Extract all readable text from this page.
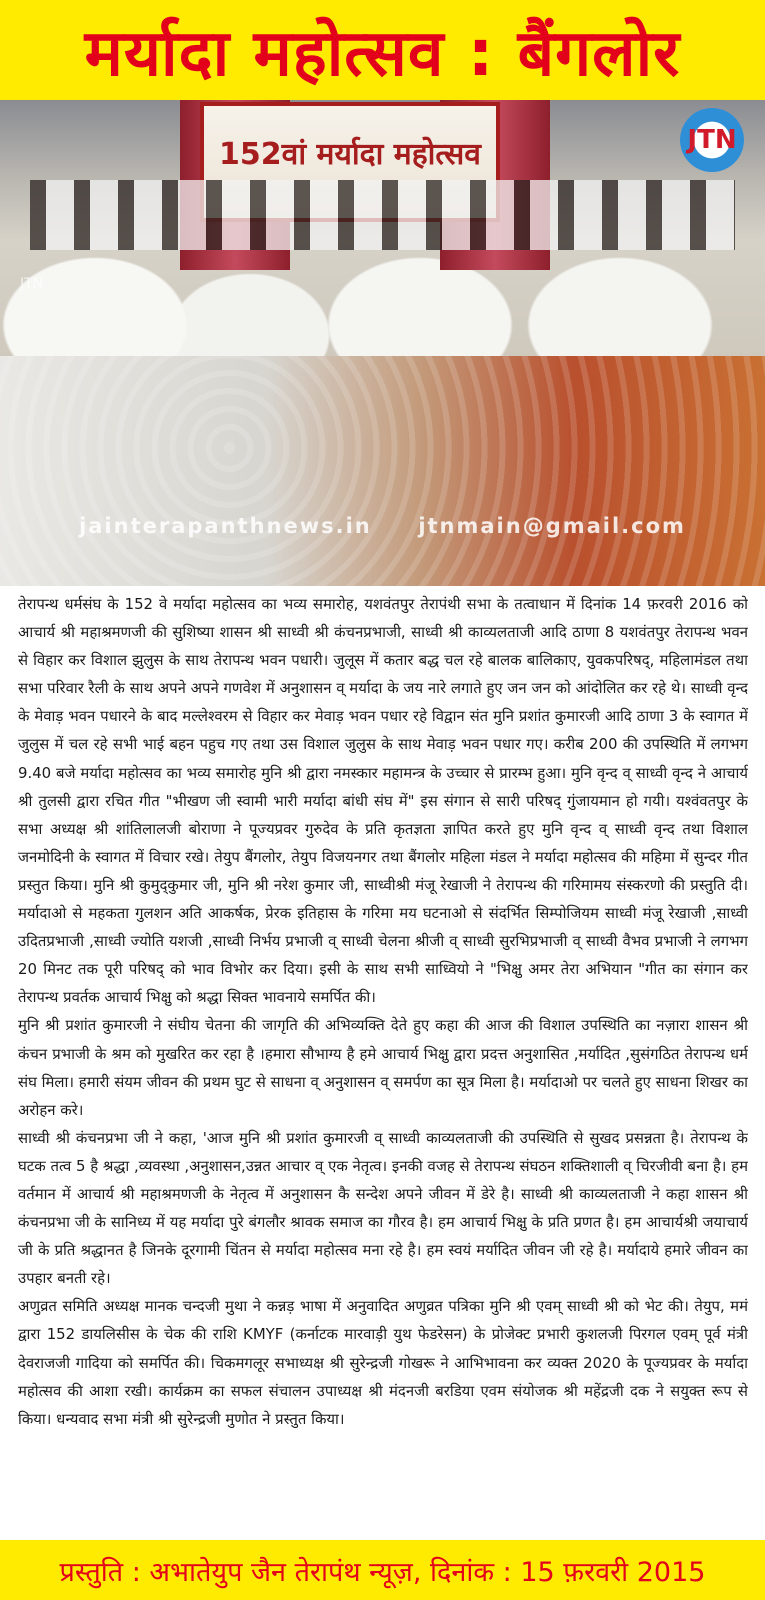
मर्यादा महोत्सव : बैंगलोर
152वां मर्यादा महोत्सव	JTN
JTN
jainterapanthnews.in jtnmain@gmail.com

तेरापन्थ धर्मसंघ के 152 वे मर्यादा महोत्सव का भव्य समारोह, यशवंतपुर तेरापंथी सभा के तत्वाधान में दिनांक 14 फ़रवरी 2016 को आचार्य श्री महाश्रमणजी की सुशिष्या शासन श्री साध्वी श्री कंचनप्रभाजी, साध्वी श्री काव्यलताजी आदि ठाणा 8 यशवंतपुर तेरापन्थ भवन से विहार कर विशाल झुलुस के साथ तेरापन्थ भवन पधारी। जुलूस में कतार बद्ध चल रहे बालक बालिकाए, युवकपरिषद्, महिलामंडल तथा सभा परिवार रैली के साथ अपने अपने गणवेश में अनुशासन व् मर्यादा के जय नारे लगाते हुए जन जन को आंदोलित कर रहे थे। साध्वी वृन्द के मेवाड़ भवन पधारने के बाद मल्लेश्वरम से विहार कर मेवाड़ भवन पधार रहे विद्वान संत मुनि प्रशांत कुमारजी आदि ठाणा 3 के स्वागत में जुलुस में चल रहे सभी भाई बहन पहुच गए तथा उस विशाल जुलुस के साथ मेवाड़ भवन पधार गए। करीब 200 की उपस्थिति में लगभग 9.40 बजे मर्यादा महोत्सव का भव्य समारोह मुनि श्री द्वारा नमस्कार महामन्त्र के उच्चार से प्रारम्भ हुआ। मुनि वृन्द व् साध्वी वृन्द ने आचार्य श्री तुलसी द्वारा रचित गीत "भीखण जी स्वामी भारी मर्यादा बांधी संघ में" इस संगान से सारी परिषद् गुंजायमान हो गयी। यश्वंवतपुर के सभा अध्यक्ष श्री शांतिलालजी बोराणा ने पूज्यप्रवर गुरुदेव के प्रति कृतज्ञता ज्ञापित करते हुए मुनि वृन्द व् साध्वी वृन्द तथा विशाल जनमोदिनी के स्वागत में विचार रखे। तेयुप बैंगलोर, तेयुप विजयनगर तथा बैंगलोर महिला मंडल ने मर्यादा महोत्सव की महिमा में सुन्दर गीत प्रस्तुत किया। मुनि श्री कुमुद्कुमार जी, मुनि श्री नरेश कुमार जी, साध्वीश्री मंजू रेखाजी ने तेरापन्थ की गरिमामय संस्करणो की प्रस्तुति दी। मर्यादाओ से महकता गुलशन अति आकर्षक, प्रेरक इतिहास के गरिमा मय घटनाओ से संदर्भित सिम्पोजियम साध्वी मंजू रेखाजी ,साध्वी उदितप्रभाजी ,साध्वी ज्योति यशजी ,साध्वी निर्भय प्रभाजी व् साध्वी चेलना श्रीजी व् साध्वी सुरभिप्रभाजी व् साध्वी वैभव प्रभाजी ने लगभग 20 मिनट तक पूरी परिषद् को भाव विभोर कर दिया। इसी के साथ सभी साध्वियो ने "भिक्षु अमर तेरा अभियान "गीत का संगान कर तेरापन्थ प्रवर्तक आचार्य भिक्षु को श्रद्धा सिक्त भावनाये समर्पित की।

मुनि श्री प्रशांत कुमारजी ने संघीय चेतना की जागृति की अभिव्यक्ति देते हुए कहा की आज की विशाल उपस्थिति का नज़ारा शासन श्री कंचन प्रभाजी के श्रम को मुखरित कर रहा है ।हमारा सौभाग्य है हमे आचार्य भिक्षु द्वारा प्रदत्त अनुशासित ,मर्यादित ,सुसंगठित तेरापन्थ धर्म संघ मिला। हमारी संयम जीवन की प्रथम घुट से साधना व् अनुशासन व् समर्पण का सूत्र मिला है। मर्यादाओ पर चलते हुए साधना शिखर का अरोहन करे।

साध्वी श्री कंचनप्रभा जी ने कहा, 'आज मुनि श्री प्रशांत कुमारजी व् साध्वी काव्यलताजी की उपस्थिति से सुखद प्रसन्नता है। तेरापन्थ के घटक तत्व 5 है श्रद्धा ,व्यवस्था ,अनुशासन,उन्नत आचार व् एक नेतृत्व। इनकी वजह से तेरापन्थ संघठन शक्तिशाली व् चिरजीवी बना है। हम वर्तमान में आचार्य श्री महाश्रमणजी के नेतृत्व में अनुशासन कै सन्देश अपने जीवन में डेरे है। साध्वी श्री काव्यलताजी ने कहा शासन श्री कंचनप्रभा जी के सानिध्य में यह मर्यादा पुरे बंगलौर श्रावक समाज का गौरव है। हम आचार्य भिक्षु के प्रति प्रणत है। हम आचार्यश्री जयाचार्य जी के प्रति श्रद्धानत है जिनके दूरगामी चिंतन से मर्यादा महोत्सव मना रहे है। हम स्वयं मर्यादित जीवन जी रहे है। मर्यादाये हमारे जीवन का उपहार बनती रहे।

अणुव्रत समिति अध्यक्ष मानक चन्दजी मुथा ने कन्नड़ भाषा में अनुवादित अणुव्रत पत्रिका मुनि श्री एवम् साध्वी श्री को भेट की। तेयुप, ममं द्वारा 152 डायलिसीस के चेक की राशि KMYF (कर्नाटक मारवाड़ी युथ फेडरेसन) के प्रोजेक्ट प्रभारी कुशलजी पिरगल एवम् पूर्व मंत्री देवराजजी गादिया को समर्पित की। चिकमगलूर सभाध्यक्ष श्री सुरेन्द्रजी गोखरू ने आभिभावना कर व्यक्त 2020 के पूज्यप्रवर के मर्यादा महोत्सव की आशा रखी। कार्यक्रम का सफल संचालन उपाध्यक्ष श्री मंदनजी बरडिया एवम संयोजक श्री महेंद्रजी दक ने सयुक्त रूप से किया। धन्यवाद सभा मंत्री श्री सुरेन्द्रजी मुणोत ने प्रस्तुत किया।

प्रस्तुति : अभातेयुप जैन तेरापंथ न्यूज़, दिनांक : 15 फ़रवरी 2015
